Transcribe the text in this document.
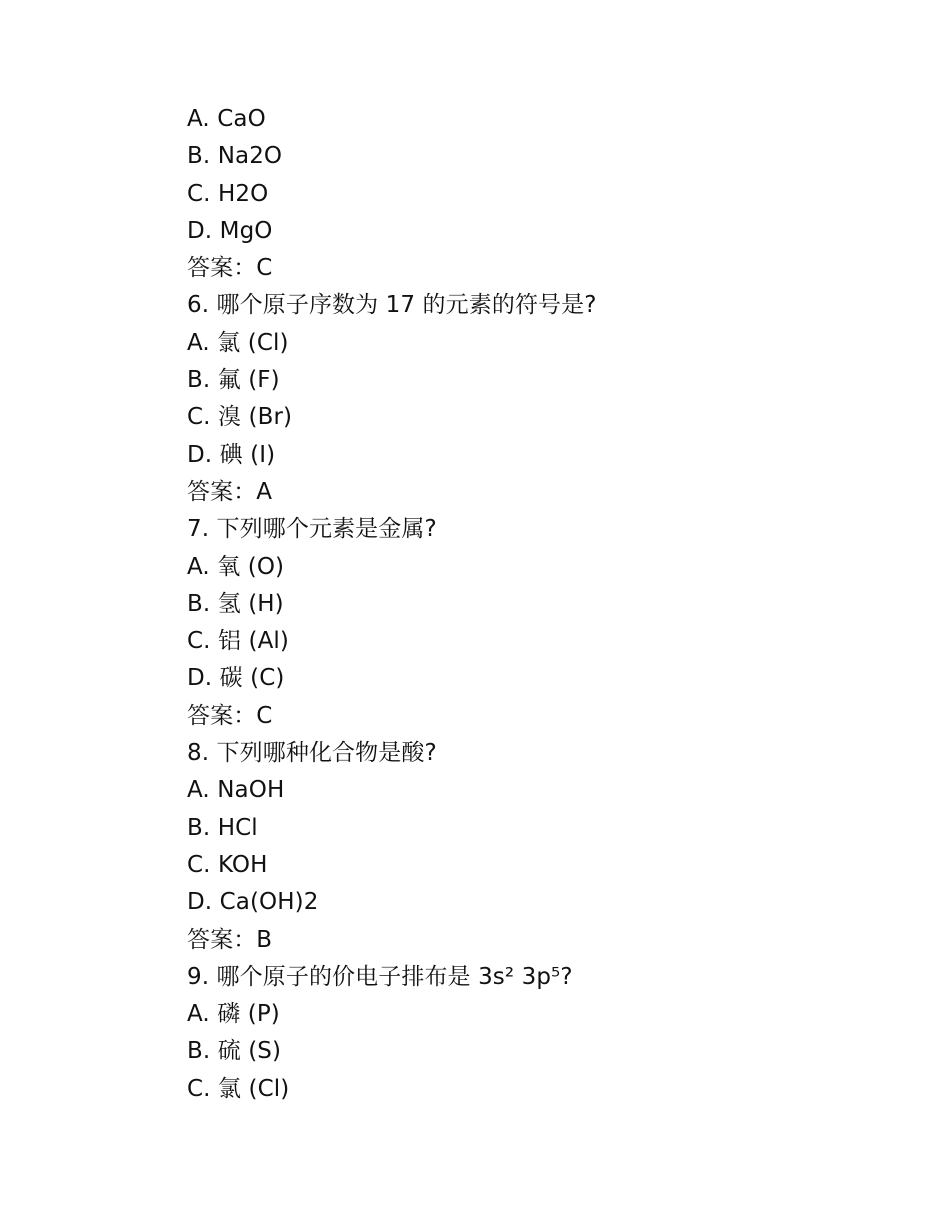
A. CaO
B. Na2O
C. H2O
D. MgO
答案：C
6. 哪个原子序数为 17 的元素的符号是?
A. 氯 (Cl)
B. 氟 (F)
C. 溴 (Br)
D. 碘 (I)
答案：A
7. 下列哪个元素是金属?
A. 氧 (O)
B. 氢 (H)
C. 铝 (Al)
D. 碳 (C)
答案：C
8. 下列哪种化合物是酸?
A. NaOH
B. HCl
C. KOH
D. Ca(OH)2
答案：B
9. 哪个原子的价电子排布是 3s² 3p⁵?
A. 磷 (P)
B. 硫 (S)
C. 氯 (Cl)
